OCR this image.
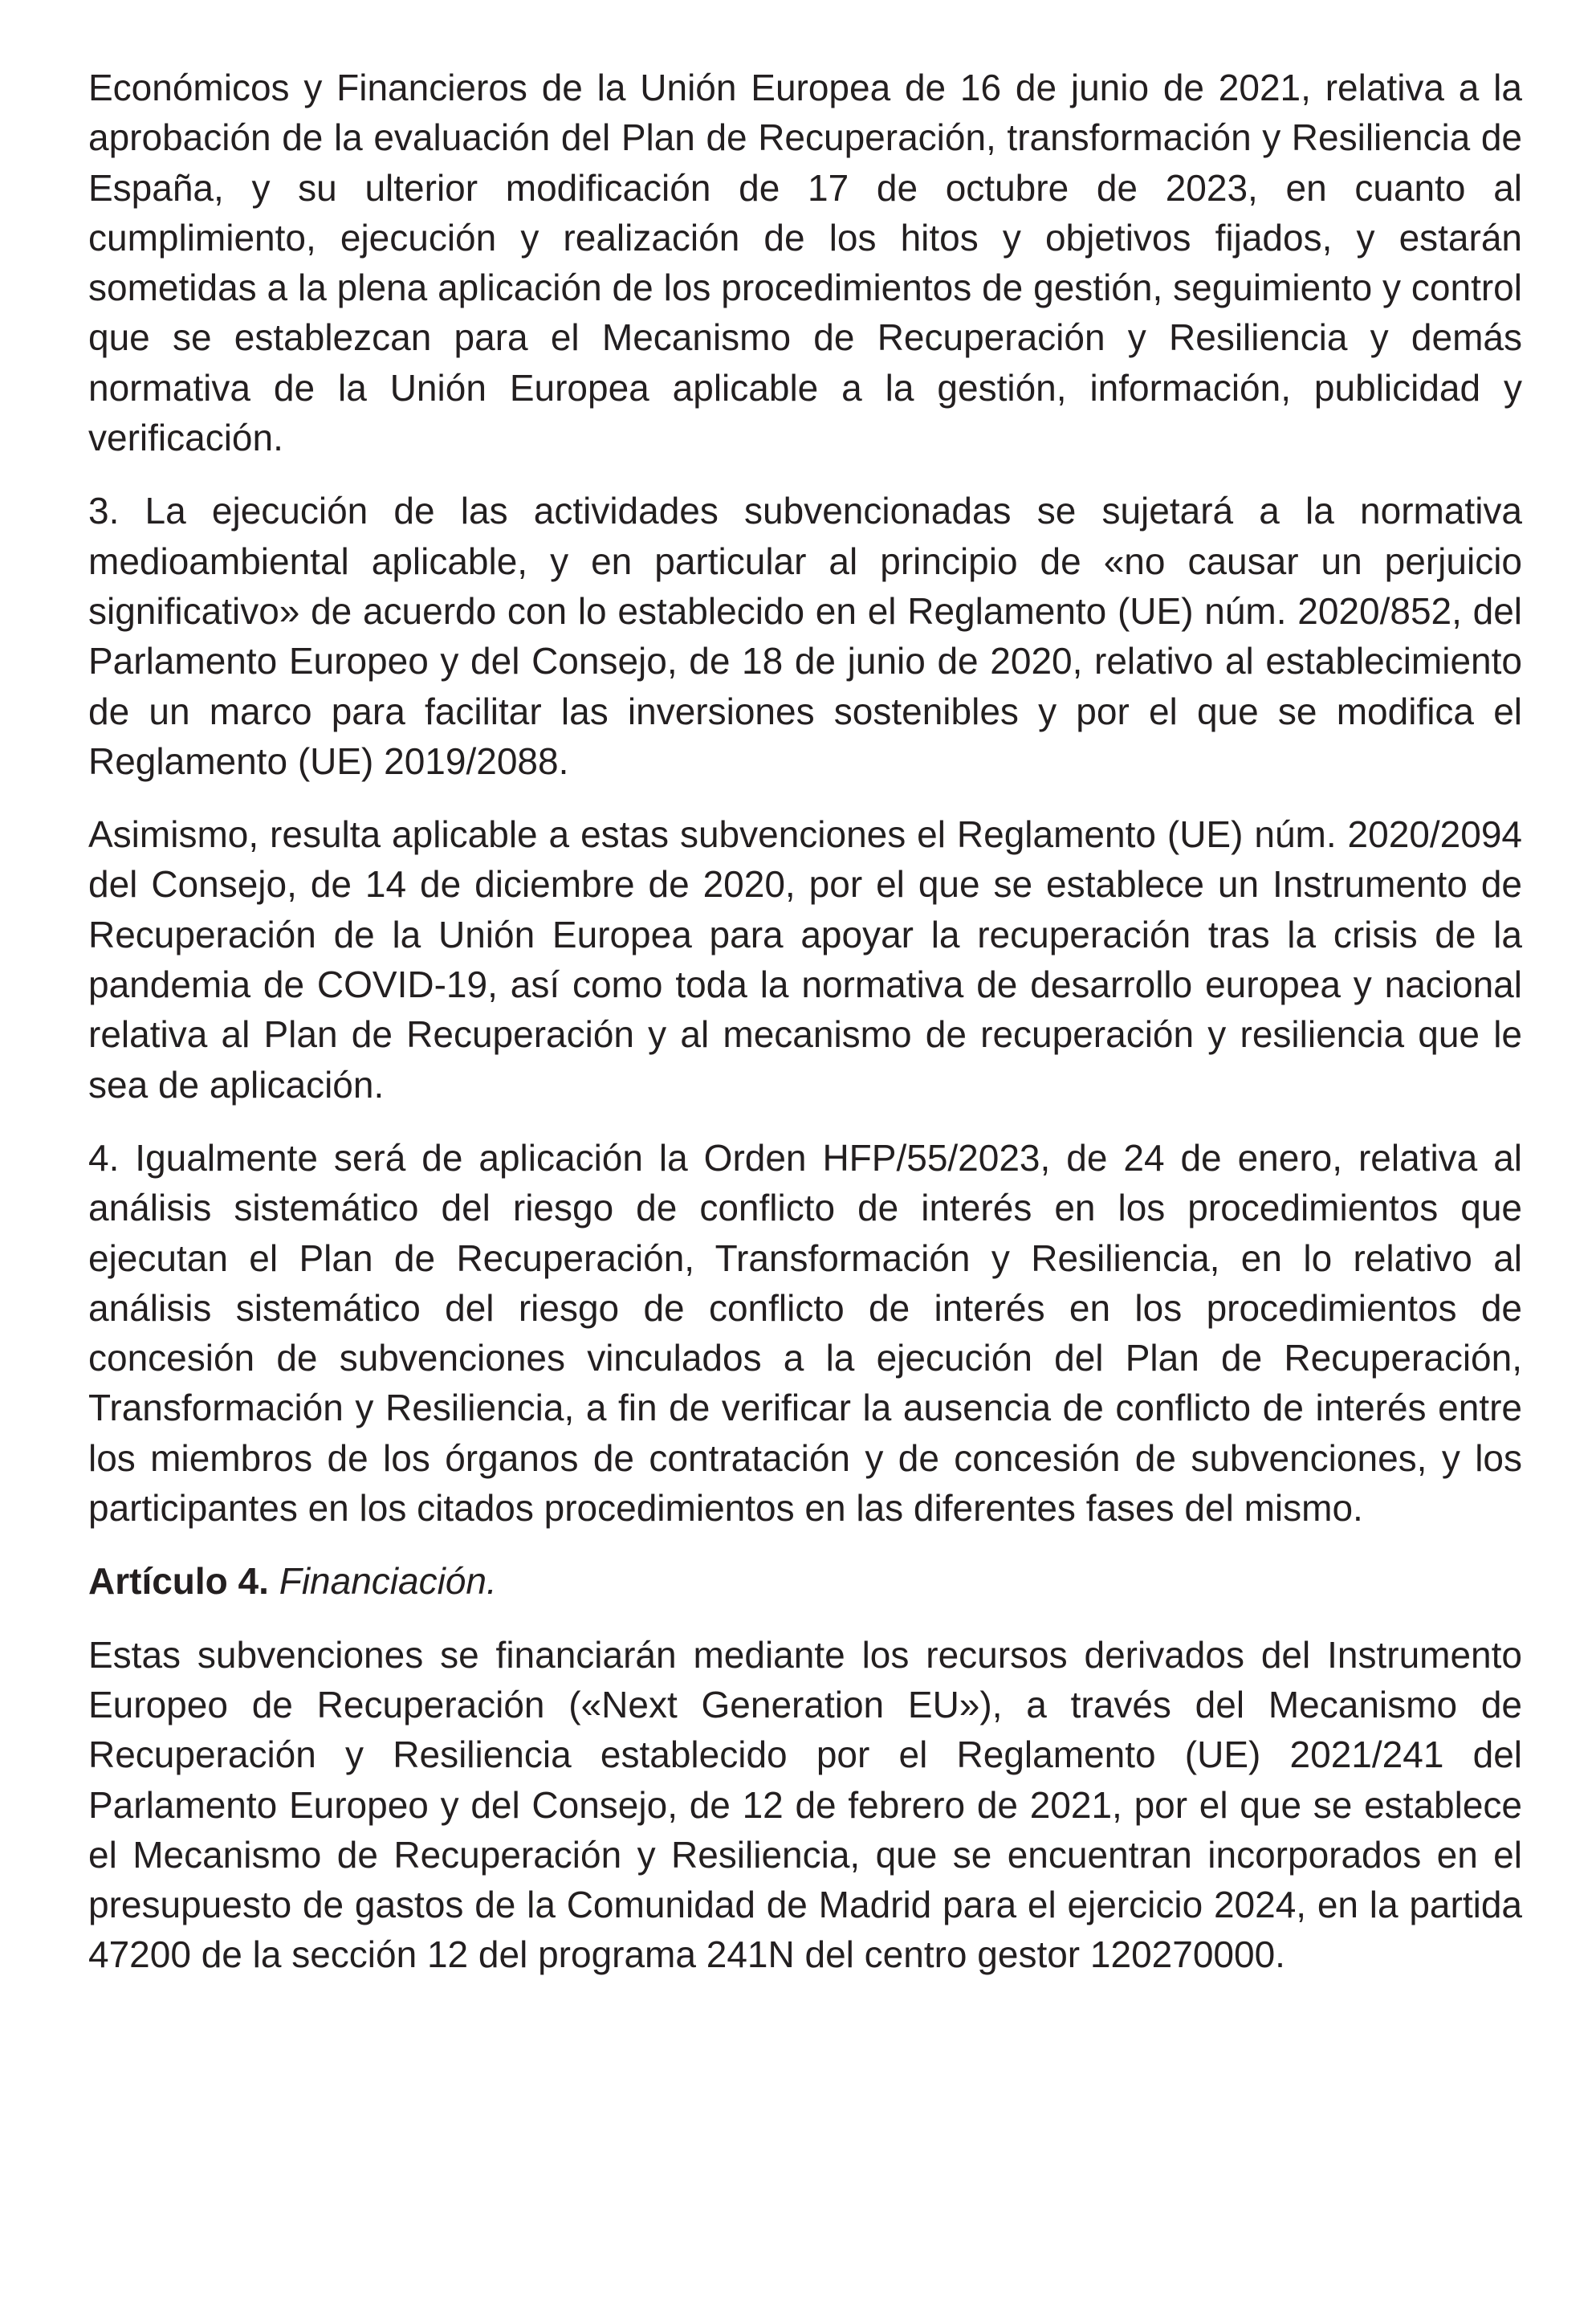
Económicos y Financieros de la Unión Europea de 16 de junio de 2021, relativa a la aprobación de la evaluación del Plan de Recuperación, transformación y Resiliencia de España, y su ulterior modificación de 17 de octubre de 2023, en cuanto al cumplimiento, ejecución y realización de los hitos y objetivos fijados, y estarán sometidas a la plena aplicación de los procedimientos de gestión, seguimiento y control que se establezcan para el Mecanismo de Recuperación y Resiliencia y demás normativa de la Unión Europea aplicable a la gestión, información, publicidad y verificación.

3. La ejecución de las actividades subvencionadas se sujetará a la normativa medioambiental aplicable, y en particular al principio de «no causar un perjuicio significativo» de acuerdo con lo establecido en el Reglamento (UE) núm. 2020/852, del Parlamento Europeo y del Consejo, de 18 de junio de 2020, relativo al establecimiento de un marco para facilitar las inversiones sostenibles y por el que se modifica el Reglamento (UE) 2019/2088.

Asimismo, resulta aplicable a estas subvenciones el Reglamento (UE) núm. 2020/2094 del Consejo, de 14 de diciembre de 2020, por el que se establece un Instrumento de Recuperación de la Unión Europea para apoyar la recuperación tras la crisis de la pandemia de COVID-19, así como toda la normativa de desarrollo europea y nacional relativa al Plan de Recuperación y al mecanismo de recuperación y resiliencia que le sea de aplicación.

4. Igualmente será de aplicación la Orden HFP/55/2023, de 24 de enero, relativa al análisis sistemático del riesgo de conflicto de interés en los procedimientos que ejecutan el Plan de Recuperación, Transformación y Resiliencia, en lo relativo al análisis sistemático del riesgo de conflicto de interés en los procedimientos de concesión de subvenciones vinculados a la ejecución del Plan de Recuperación, Transformación y Resiliencia, a fin de verificar la ausencia de conflicto de interés entre los miembros de los órganos de contratación y de concesión de subvenciones, y los participantes en los citados procedimientos en las diferentes fases del mismo.

Artículo 4. Financiación.

Estas subvenciones se financiarán mediante los recursos derivados del Instrumento Europeo de Recuperación («Next Generation EU»), a través del Mecanismo de Recuperación y Resiliencia establecido por el Reglamento (UE) 2021/241 del Parlamento Europeo y del Consejo, de 12 de febrero de 2021, por el que se establece el Mecanismo de Recuperación y Resiliencia, que se encuentran incorporados en el presupuesto de gastos de la Comunidad de Madrid para el ejercicio 2024, en la partida 47200 de la sección 12 del programa 241N del centro gestor 120270000.
